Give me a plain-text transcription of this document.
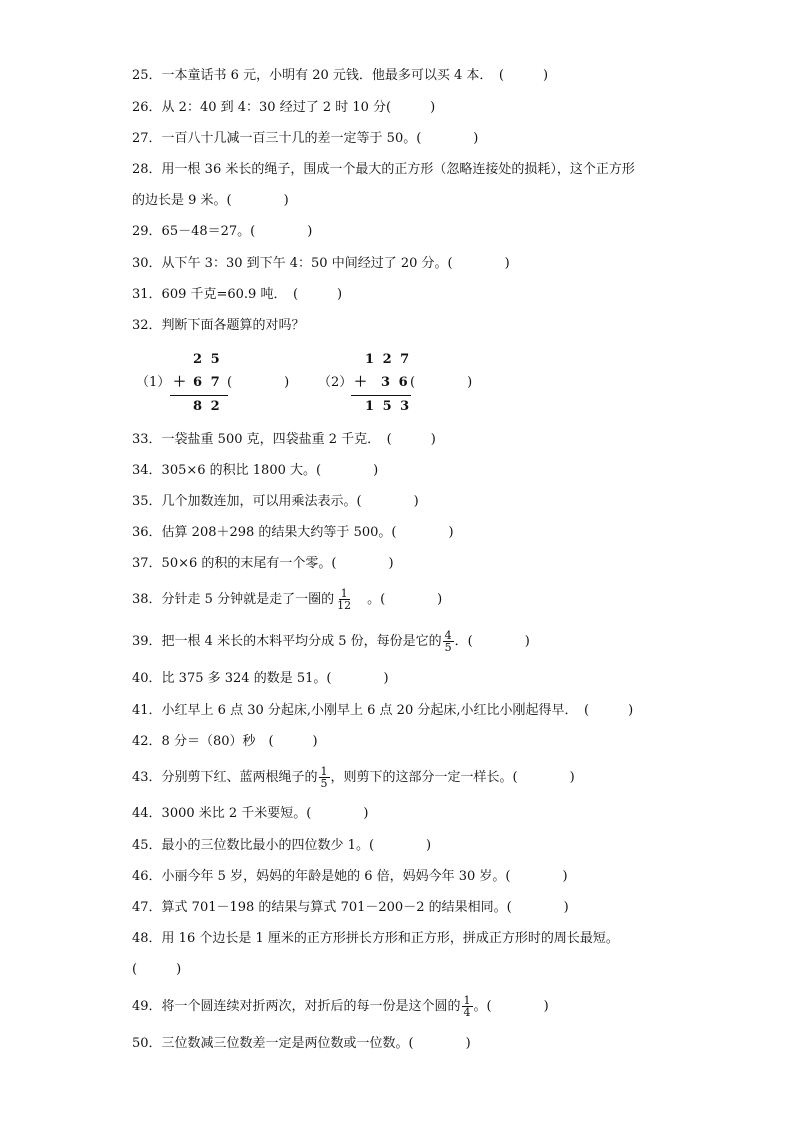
25．一本童话书 6 元，小明有 20 元钱．他最多可以买 4 本．　(　　　)
26．从 2：40 到 4：30 经过了 2 时 10 分(　　　)
27．一百八十几减一百三十几的差一定等于 50。(　　　　)
28．用一根 36 米长的绳子，围成一个最大的正方形（忽略连接处的损耗），这个正方形
的边长是 9 米。(　　　　)
29．65－48＝27。(　　　　)
30．从下午 3：30 到下午 4：50 中间经过了 20 分。(　　　　)
31．609 千克=60.9 吨．　(　　　)
32．判断下面各题算的对吗？
（1）
2 5
＋ 6 7 (　　　　)
8 2
（2）
1 2 7
＋ 3 6 (　　　　)
1 5 3
33．一袋盐重 500 克，四袋盐重 2 千克．　(　　　)
34．305×6 的积比 1800 大。(　　　　)
35．几个加数连加，可以用乘法表示。(　　　　)
36．估算 208＋298 的结果大约等于 500。(　　　　)
37．50×6 的积的末尾有一个零。(　　　　)
38．分针走 5 分钟就是走了一圈的 $\frac{1}{12}$ 　。(　　　　)
39．把一根 4 米长的木料平均分成 5 份，每份是它的 $\frac{4}{5}$ ．(　　　　)
40．比 375 多 324 的数是 51。(　　　　)
41．小红早上 6 点 30 分起床,小刚早上 6 点 20 分起床,小红比小刚起得早．　(　　　)
42．8 分＝（80）秒　(　　　)
43．分别剪下红、蓝两根绳子的 $\frac{1}{5}$ ，则剪下的这部分一定一样长。(　　　　)
44．3000 米比 2 千米要短。(　　　　)
45．最小的三位数比最小的四位数少 1。(　　　　)
46．小丽今年 5 岁，妈妈的年龄是她的 6 倍，妈妈今年 30 岁。(　　　　)
47．算式 701－198 的结果与算式 701－200－2 的结果相同。(　　　　)
48．用 16 个边长是 1 厘米的正方形拼长方形和正方形，拼成正方形时的周长最短。
(　　　)
49．将一个圆连续对折两次，对折后的每一份是这个圆的 $\frac{1}{4}$ 。(　　　　)
50．三位数减三位数差一定是两位数或一位数。(　　　　)
